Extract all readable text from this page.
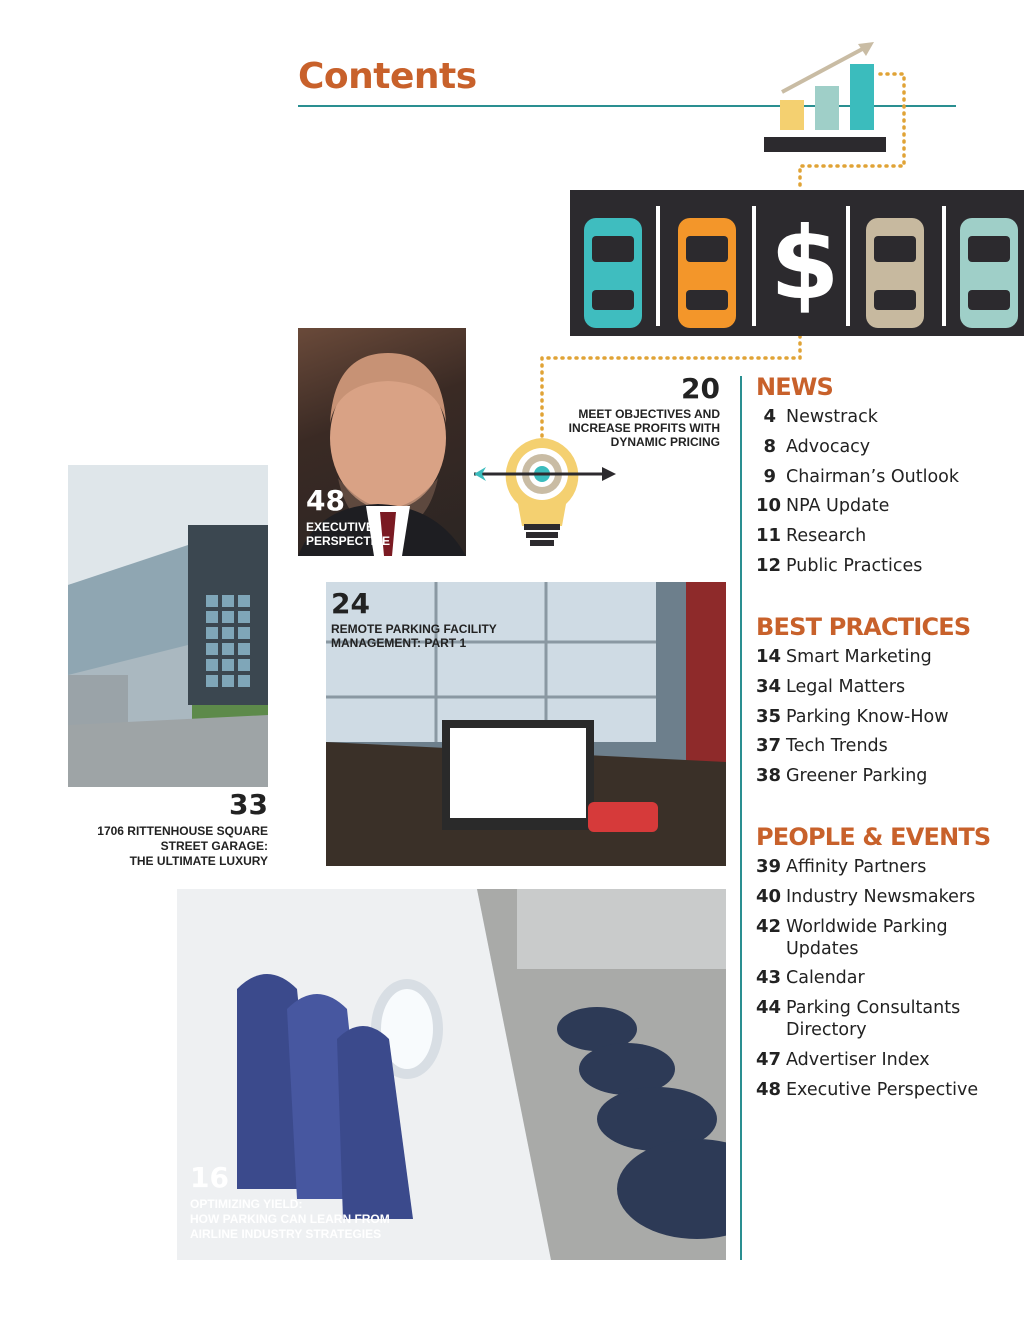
Contents
$
20
MEET OBJECTIVES AND INCREASE PROFITS WITH DYNAMIC PRICING
48
EXECUTIVE PERSPECTIVE
33
1706 RITTENHOUSE SQUARE
STREET GARAGE:
THE ULTIMATE LUXURY
24
REMOTE PARKING FACILITY MANAGEMENT: PART 1
16
OPTIMIZING YIELD:
HOW PARKING CAN LEARN FROM
AIRLINE INDUSTRY STRATEGIES
NEWS
4 Newstrack
8 Advocacy
9 Chairman’s Outlook
10 NPA Update
11 Research
12 Public Practices
BEST PRACTICES
14 Smart Marketing
34 Legal Matters
35 Parking Know-How
37 Tech Trends
38 Greener Parking
PEOPLE & EVENTS
39 Affinity Partners
40 Industry Newsmakers
42 Worldwide Parking Updates
43 Calendar
44 Parking Consultants Directory
47 Advertiser Index
48 Executive Perspective
